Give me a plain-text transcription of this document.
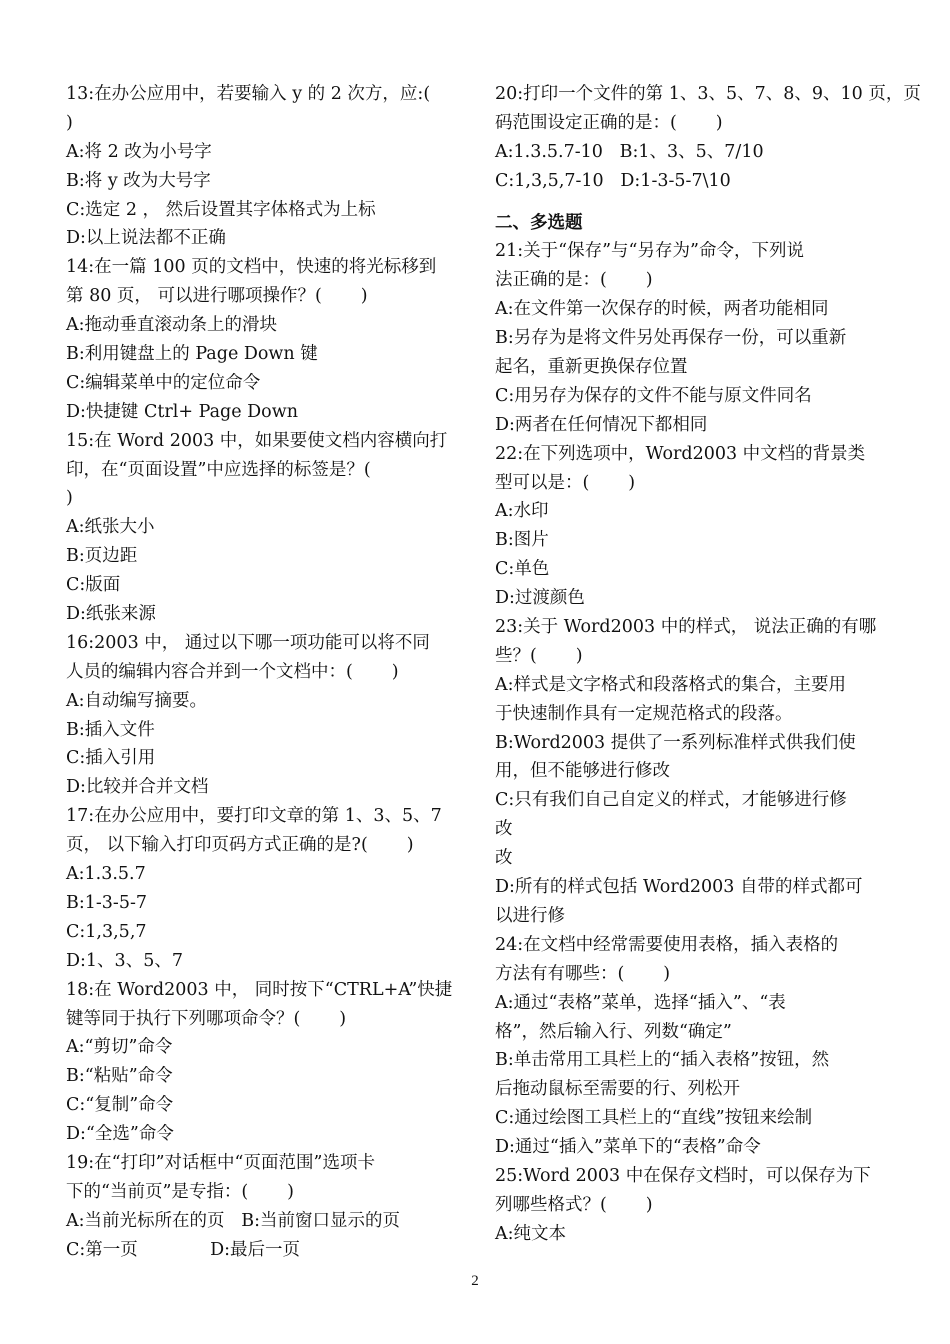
13:在办公应用中，若要输入 y 的 2 次方，应:(
)
A:将 2 改为小号字
B:将 y 改为大号字
C:选定 2 ， 然后设置其字体格式为上标
D:以上说法都不正确
14:在一篇 100 页的文档中，快速的将光标移到
第 80 页， 可以进行哪项操作？(       )
A:拖动垂直滚动条上的滑块
B:利用键盘上的 Page Down 键
C:编辑菜单中的定位命令
D:快捷键 Ctrl+ Page Down
15:在 Word 2003 中，如果要使文档内容横向打
印，在“页面设置”中应选择的标签是？(
)
A:纸张大小
B:页边距
C:版面
D:纸张来源
16:2003 中， 通过以下哪一项功能可以将不同
人员的编辑内容合并到一个文档中：(       )
A:自动编写摘要。
B:插入文件
C:插入引用
D:比较并合并文档
17:在办公应用中，要打印文章的第 1、3、5、7
页， 以下输入打印页码方式正确的是?(       )
A:1.3.5.7
B:1-3-5-7
C:1,3,5,7
D:1、3、5、7
18:在 Word2003 中， 同时按下“CTRL+A”快捷
键等同于执行下列哪项命令？(       )
A:“剪切”命令
B:“粘贴”命令
C:“复制”命令
D:“全选”命令
19:在“打印”对话框中“页面范围”选项卡
下的“当前页”是专指：(       )
A:当前光标所在的页   B:当前窗口显示的页
C:第一页             D:最后一页
20:打印一个文件的第 1、3、5、7、8、9、10 页，页
码范围设定正确的是：(       )
A:1.3.5.7-10   B:1、3、5、7/10
C:1,3,5,7-10   D:1-3-5-7\10
二、多选题
21:关于“保存”与“另存为”命令，下列说
法正确的是：(       )
A:在文件第一次保存的时候，两者功能相同
B:另存为是将文件另处再保存一份，可以重新
起名，重新更换保存位置
C:用另存为保存的文件不能与原文件同名
D:两者在任何情况下都相同
22:在下列选项中，Word2003 中文档的背景类
型可以是：(       )
A:水印
B:图片
C:单色
D:过渡颜色
23:关于 Word2003 中的样式， 说法正确的有哪
些？(       )
A:样式是文字格式和段落格式的集合，主要用
于快速制作具有一定规范格式的段落。
B:Word2003 提供了一系列标准样式供我们使
用，但不能够进行修改
C:只有我们自己自定义的样式，才能够进行修
改
改
D:所有的样式包括 Word2003 自带的样式都可
以进行修
24:在文档中经常需要使用表格，插入表格的
方法有有哪些：(       )
A:通过“表格”菜单，选择“插入”、“表
格”，然后输入行、列数“确定”
B:单击常用工具栏上的“插入表格”按钮，然
后拖动鼠标至需要的行、列松开
C:通过绘图工具栏上的“直线”按钮来绘制
D:通过“插入”菜单下的“表格”命令
25:Word 2003 中在保存文档时，可以保存为下
列哪些格式？(       )
A:纯文本
2
